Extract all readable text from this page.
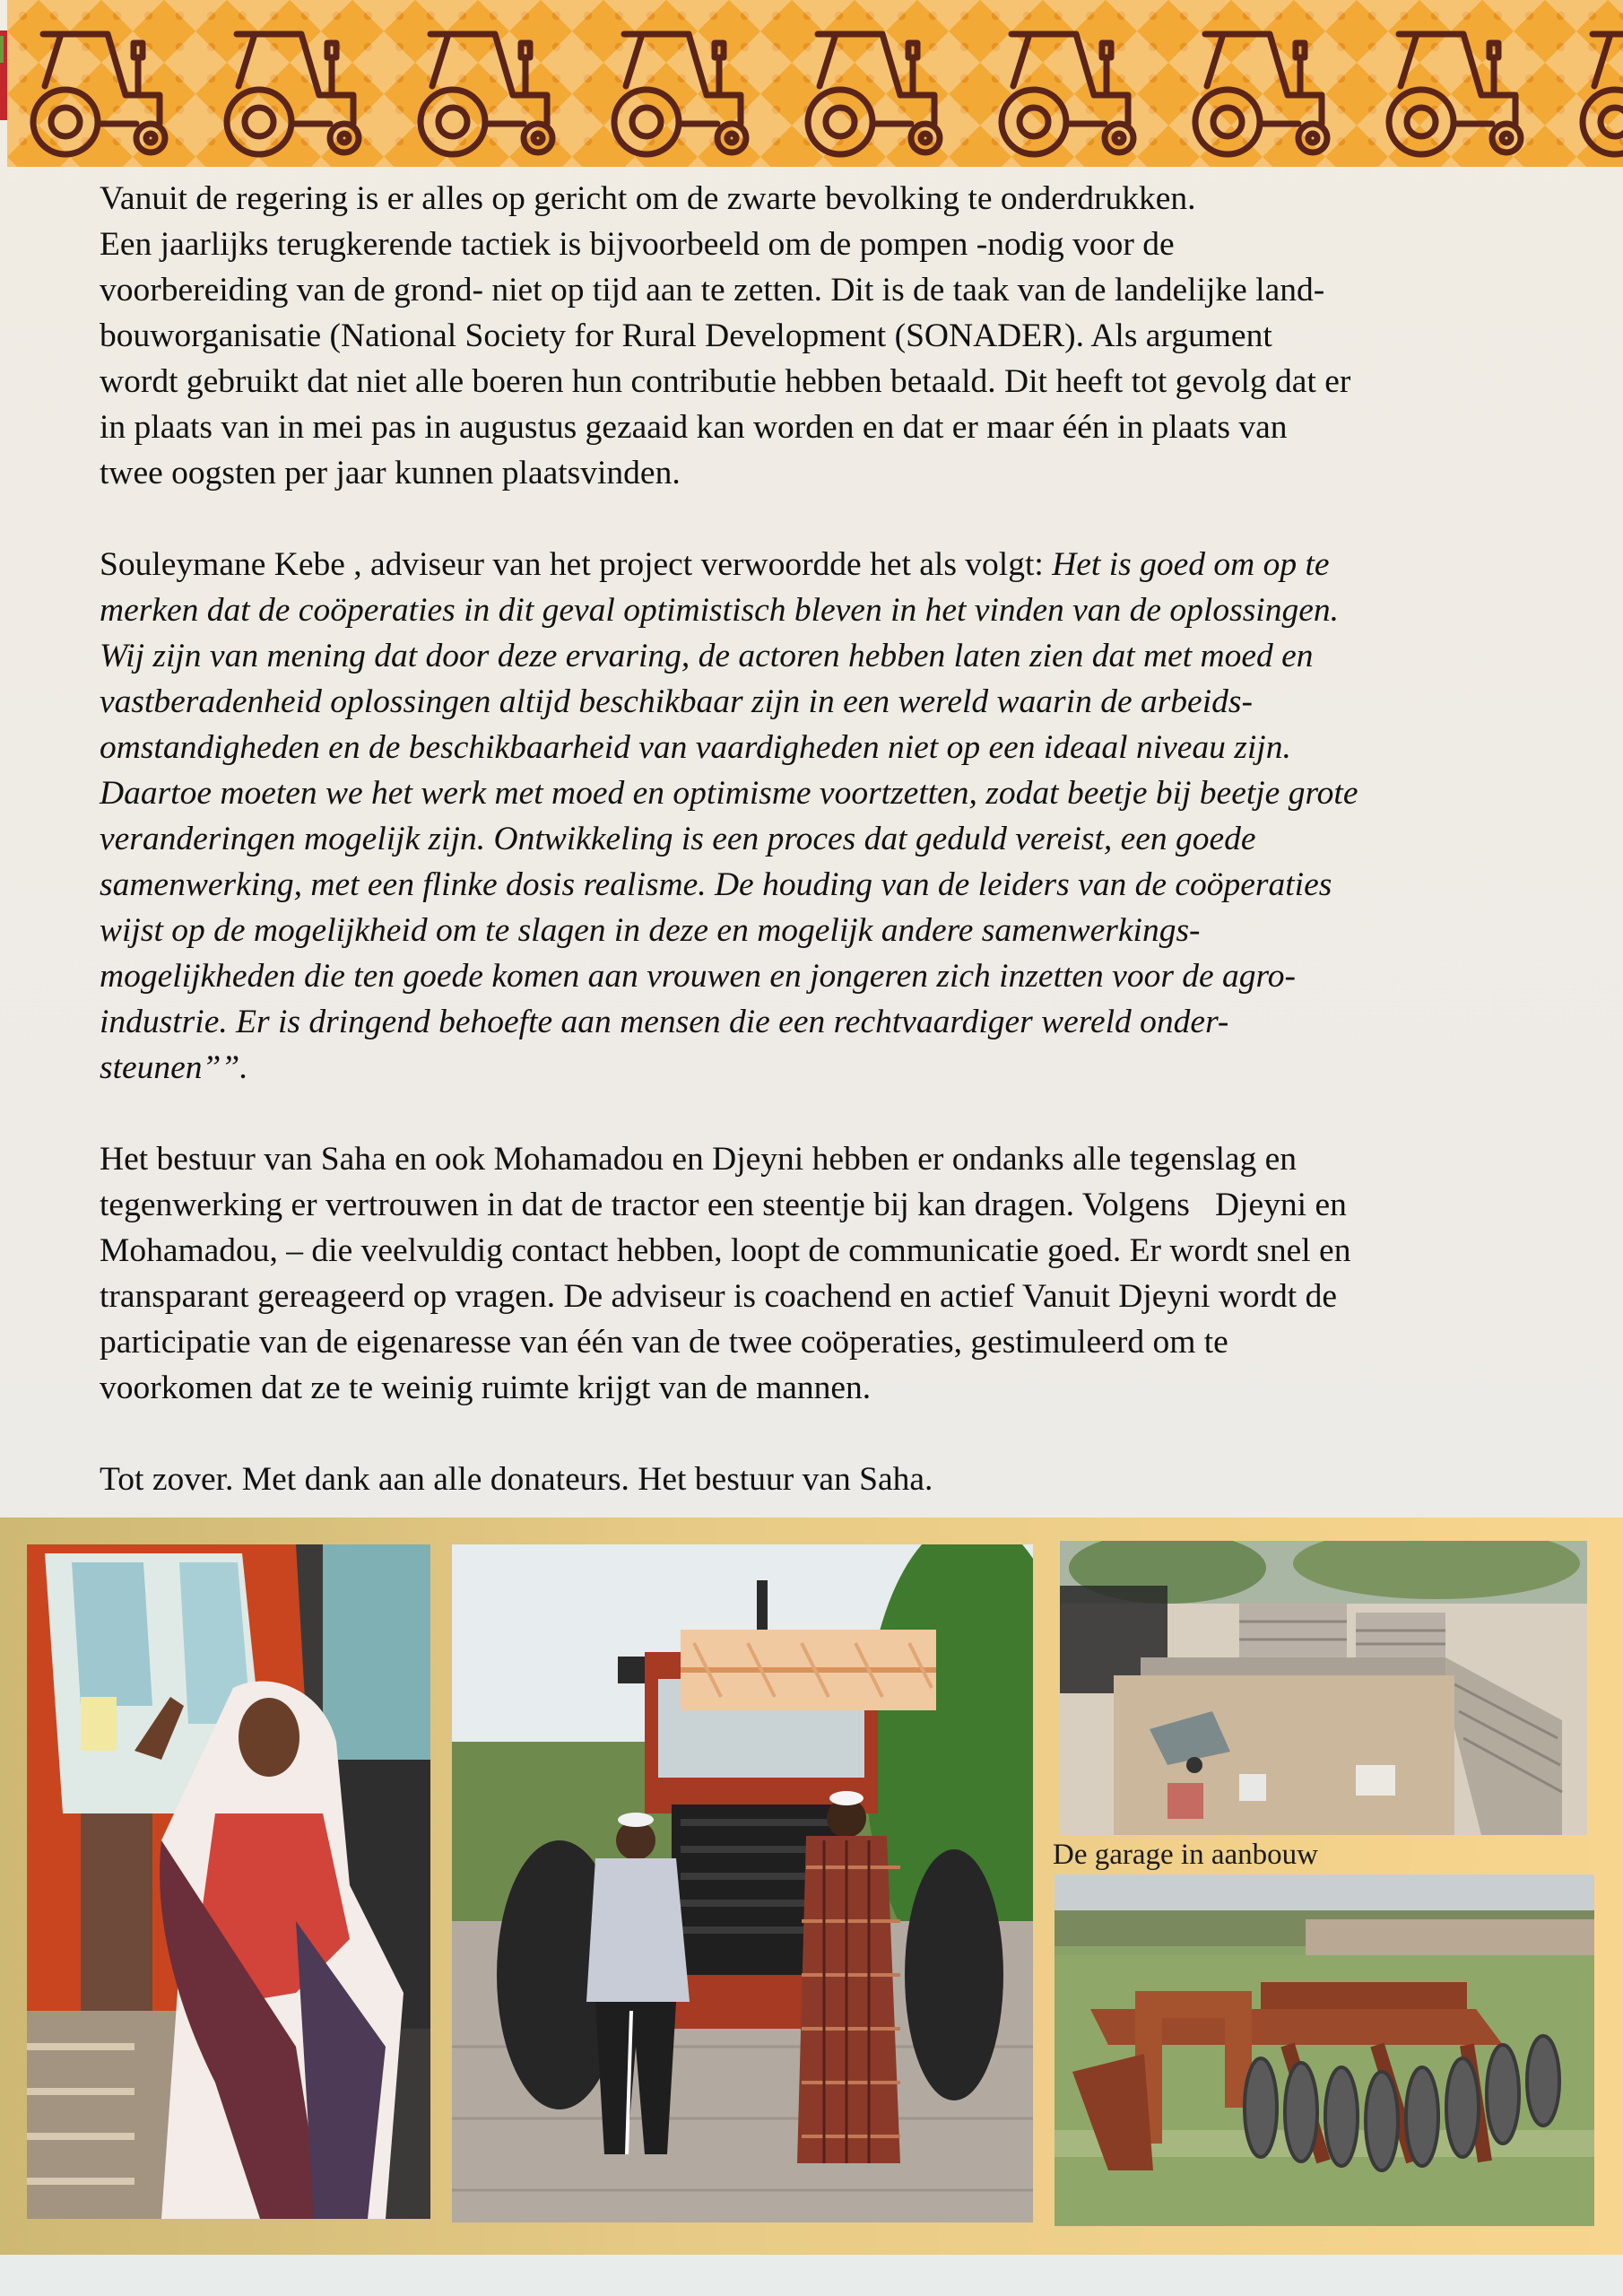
Vanuit de regering is er alles op gericht om de zwarte bevolking te onderdrukken.
Een jaarlijks terugkerende tactiek is bijvoorbeeld om de pompen -nodig voor de
voorbereiding van de grond- niet op tijd aan te zetten. Dit is de taak van de landelijke land-
bouworganisatie (National Society for Rural Development (SONADER). Als argument
wordt gebruikt dat niet alle boeren hun contributie hebben betaald. Dit heeft tot gevolg dat er
in plaats van in mei pas in augustus gezaaid kan worden en dat er maar één in plaats van
twee oogsten per jaar kunnen plaatsvinden.

Souleymane Kebe , adviseur van het project verwoordde het als volgt: Het is goed om op te
merken dat de coöperaties in dit geval optimistisch bleven in het vinden van de oplossingen.
Wij zijn van mening dat door deze ervaring, de actoren hebben laten zien dat met moed en
vastberadenheid oplossingen altijd beschikbaar zijn in een wereld waarin de arbeids-
omstandigheden en de beschikbaarheid van vaardigheden niet op een ideaal niveau zijn.
Daartoe moeten we het werk met moed en optimisme voortzetten, zodat beetje bij beetje grote
veranderingen mogelijk zijn. Ontwikkeling is een proces dat geduld vereist, een goede
samenwerking, met een flinke dosis realisme. De houding van de leiders van de coöperaties
wijst op de mogelijkheid om te slagen in deze en mogelijk andere samenwerkings-
mogelijkheden die ten goede komen aan vrouwen en jongeren zich inzetten voor de agro-
industrie. Er is dringend behoefte aan mensen die een rechtvaardiger wereld onder-
steunen””.

Het bestuur van Saha en ook Mohamadou en Djeyni hebben er ondanks alle tegenslag en
tegenwerking er vertrouwen in dat de tractor een steentje bij kan dragen. Volgens   Djeyni en
Mohamadou, – die veelvuldig contact hebben, loopt de communicatie goed. Er wordt snel en
transparant gereageerd op vragen. De adviseur is coachend en actief Vanuit Djeyni wordt de
participatie van de eigenaresse van één van de twee coöperaties, gestimuleerd om te
voorkomen dat ze te weinig ruimte krijgt van de mannen.

Tot zover. Met dank aan alle donateurs. Het bestuur van Saha.

De garage in aanbouw
